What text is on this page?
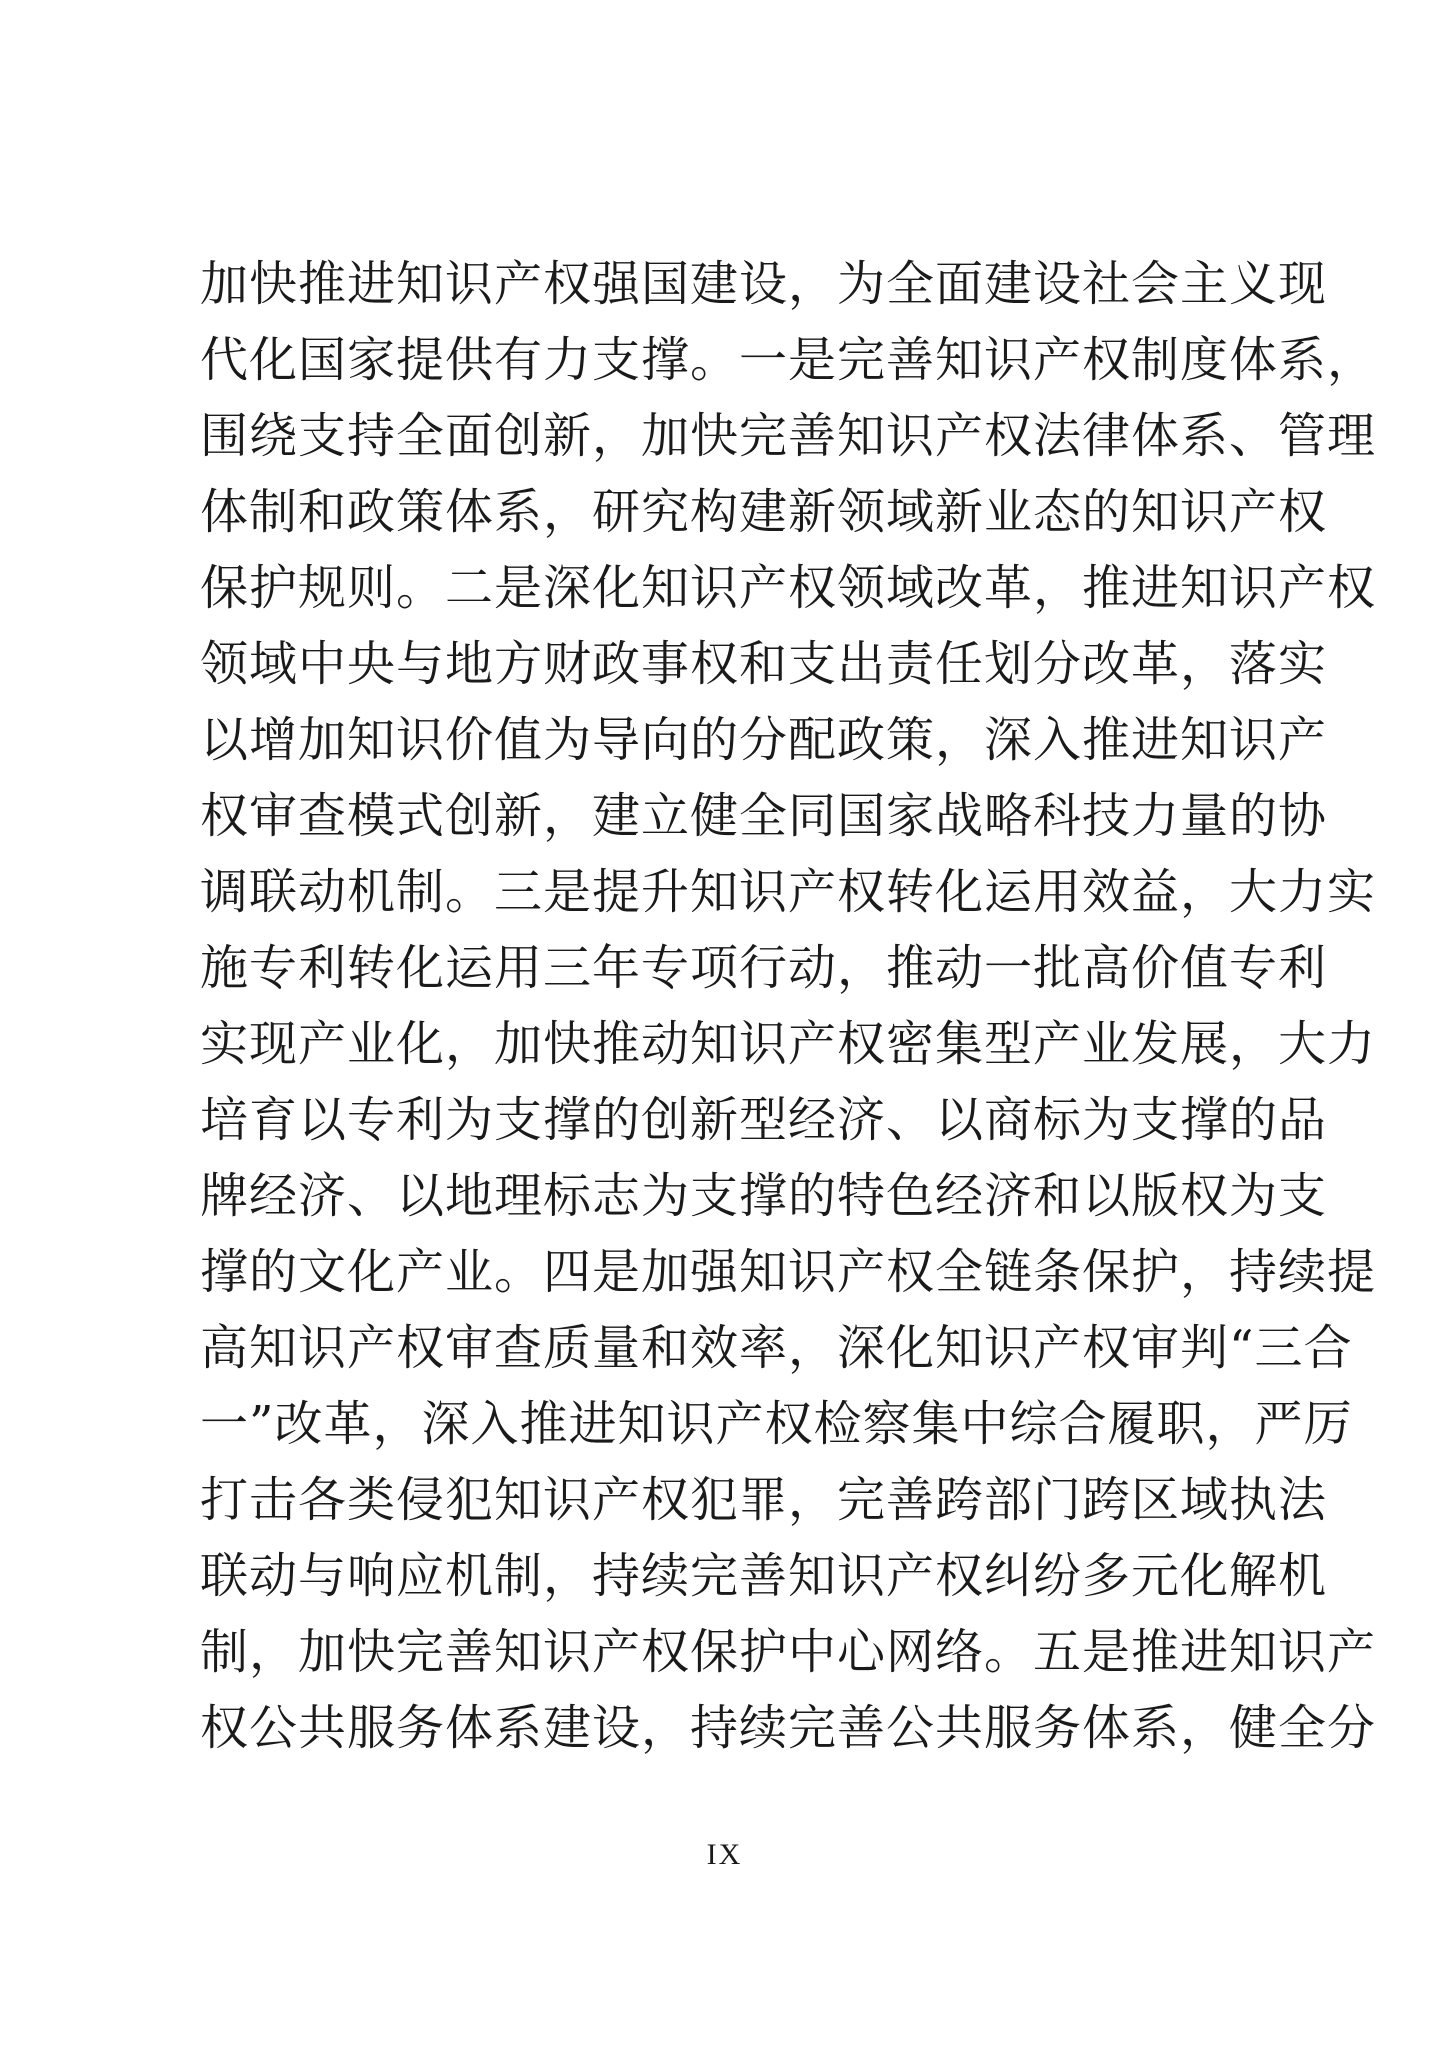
加快推进知识产权强国建设，为全面建设社会主义现
代化国家提供有力支撑。一是完善知识产权制度体系，
围绕支持全面创新，加快完善知识产权法律体系、管理
体制和政策体系，研究构建新领域新业态的知识产权
保护规则。二是深化知识产权领域改革，推进知识产权
领域中央与地方财政事权和支出责任划分改革，落实
以增加知识价值为导向的分配政策，深入推进知识产
权审查模式创新，建立健全同国家战略科技力量的协
调联动机制。三是提升知识产权转化运用效益，大力实
施专利转化运用三年专项行动，推动一批高价值专利
实现产业化，加快推动知识产权密集型产业发展，大力
培育以专利为支撑的创新型经济、以商标为支撑的品
牌经济、以地理标志为支撑的特色经济和以版权为支
撑的文化产业。四是加强知识产权全链条保护，持续提
高知识产权审查质量和效率，深化知识产权审判“三合
一”改革，深入推进知识产权检察集中综合履职，严厉
打击各类侵犯知识产权犯罪，完善跨部门跨区域执法
联动与响应机制，持续完善知识产权纠纷多元化解机
制，加快完善知识产权保护中心网络。五是推进知识产
权公共服务体系建设，持续完善公共服务体系，健全分
IX
